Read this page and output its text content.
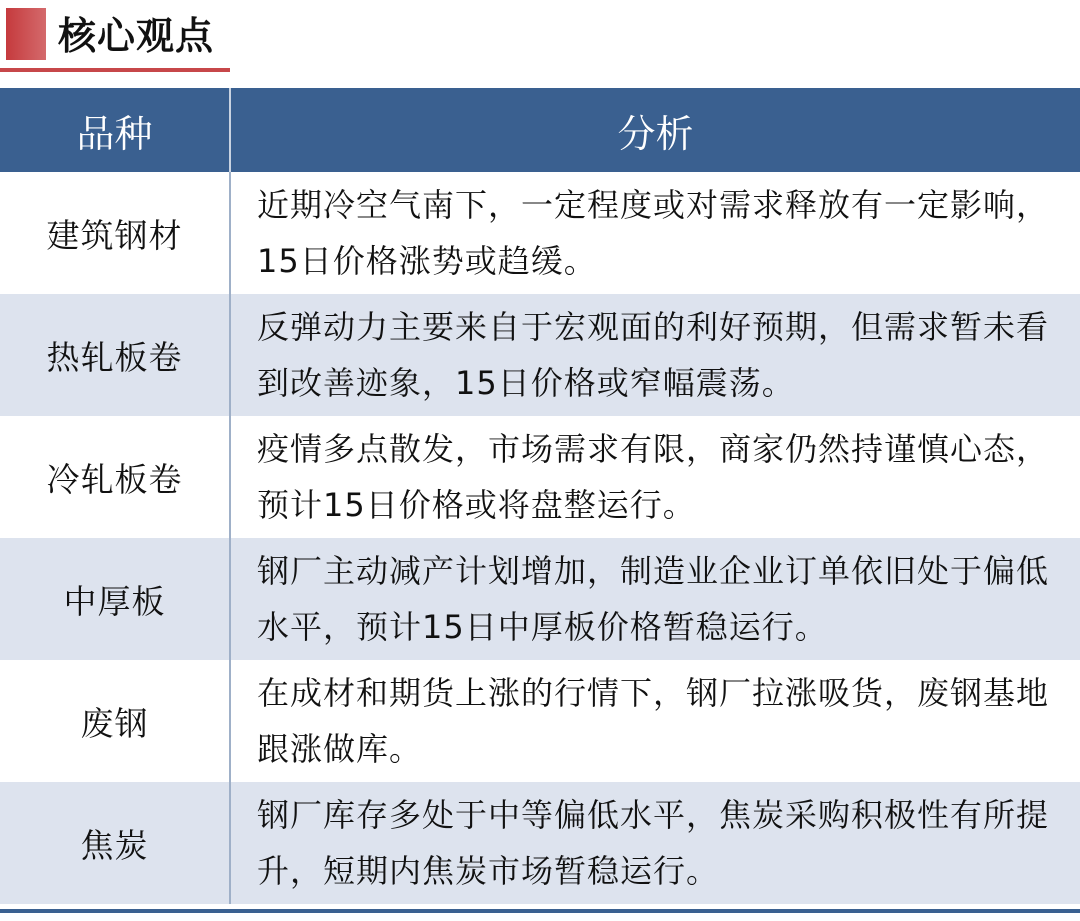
核心观点
品种	分析
建筑钢材	近期冷空气南下，一定程度或对需求释放有一定影响，15日价格涨势或趋缓。
热轧板卷	反弹动力主要来自于宏观面的利好预期，但需求暂未看到改善迹象，15日价格或窄幅震荡。
冷轧板卷	疫情多点散发，市场需求有限，商家仍然持谨慎心态，预计15日价格或将盘整运行。
中厚板	钢厂主动减产计划增加，制造业企业订单依旧处于偏低水平，预计15日中厚板价格暂稳运行。
废钢	在成材和期货上涨的行情下，钢厂拉涨吸货，废钢基地跟涨做库。
焦炭	钢厂库存多处于中等偏低水平，焦炭采购积极性有所提升，短期内焦炭市场暂稳运行。
